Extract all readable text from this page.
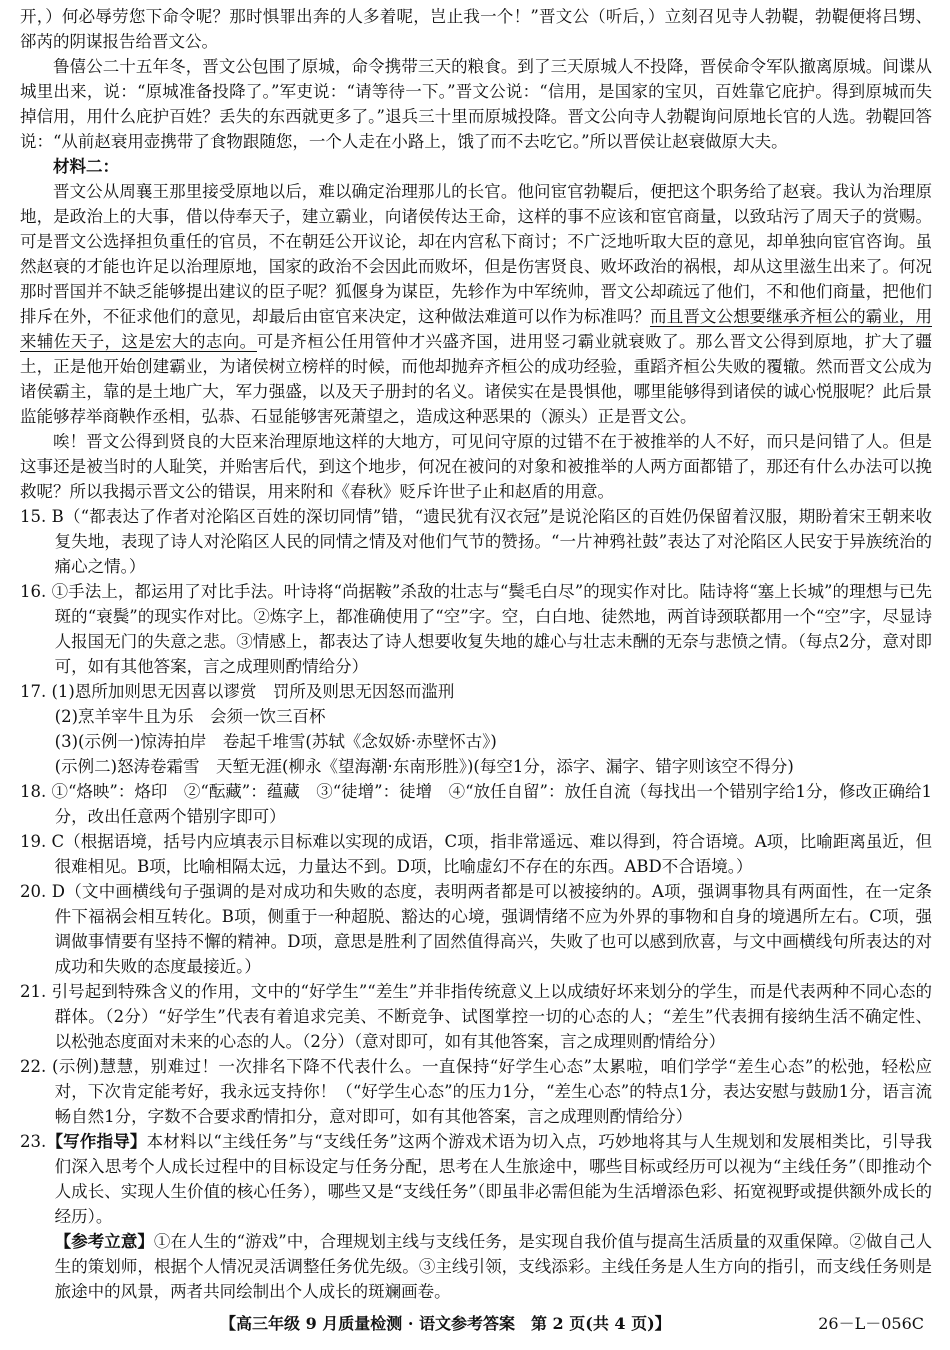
开，）何必辱劳您下命令呢？那时惧罪出奔的人多着呢，岂止我一个！”晋文公（听后，）立刻召见寺人勃鞮，勃鞮便将吕甥、郤芮的阴谋报告给晋文公。

鲁僖公二十五年冬，晋文公包围了原城，命令携带三天的粮食。到了三天原城人不投降，晋侯命令军队撤离原城。间谍从城里出来，说：“原城准备投降了。”军吏说：“请等待一下。”晋文公说：“信用，是国家的宝贝，百姓靠它庇护。得到原城而失掉信用，用什么庇护百姓？丢失的东西就更多了。”退兵三十里而原城投降。晋文公向寺人勃鞮询问原地长官的人选。勃鞮回答说：“从前赵衰用壶携带了食物跟随您，一个人走在小路上，饿了而不去吃它。”所以晋侯让赵衰做原大夫。

材料二：

晋文公从周襄王那里接受原地以后，难以确定治理那儿的长官。他问宦官勃鞮后，便把这个职务给了赵衰。我认为治理原地，是政治上的大事，借以侍奉天子，建立霸业，向诸侯传达王命，这样的事不应该和宦官商量，以致玷污了周天子的赏赐。可是晋文公选择担负重任的官员，不在朝廷公开议论，却在内宫私下商讨；不广泛地听取大臣的意见，却单独向宦官咨询。虽然赵衰的才能也许足以治理原地，国家的政治不会因此而败坏，但是伤害贤良、败坏政治的祸根，却从这里滋生出来了。何况那时晋国并不缺乏能够提出建议的臣子呢？狐偃身为谋臣，先轸作为中军统帅，晋文公却疏远了他们，不和他们商量，把他们排斥在外，不征求他们的意见，却最后由宦官来决定，这种做法难道可以作为标准吗？而且晋文公想要继承齐桓公的霸业，用来辅佐天子，这是宏大的志向。可是齐桓公任用管仲才兴盛齐国，进用竖刁霸业就衰败了。那么晋文公得到原地，扩大了疆土，正是他开始创建霸业，为诸侯树立榜样的时候，而他却抛弃齐桓公的成功经验，重蹈齐桓公失败的覆辙。然而晋文公成为诸侯霸主，靠的是土地广大，军力强盛，以及天子册封的名义。诸侯实在是畏惧他，哪里能够得到诸侯的诚心悦服呢？此后景监能够荐举商鞅作丞相，弘恭、石显能够害死萧望之，造成这种恶果的（源头）正是晋文公。

唉！晋文公得到贤良的大臣来治理原地这样的大地方，可见问守原的过错不在于被推举的人不好，而只是问错了人。但是这事还是被当时的人耻笑，并贻害后代，到这个地步，何况在被问的对象和被推举的人两方面都错了，那还有什么办法可以挽救呢？所以我揭示晋文公的错误，用来附和《春秋》贬斥许世子止和赵盾的用意。

15. B（“都表达了作者对沦陷区百姓的深切同情”错，“遗民犹有汉衣冠”是说沦陷区的百姓仍保留着汉服，期盼着宋王朝来收复失地，表现了诗人对沦陷区人民的同情之情及对他们气节的赞扬。“一片神鸦社鼓”表达了对沦陷区人民安于异族统治的痛心之情。）

16. ①手法上，都运用了对比手法。叶诗将“尚据鞍”杀敌的壮志与“鬓毛白尽”的现实作对比。陆诗将“塞上长城”的理想与已先斑的“衰鬓”的现实作对比。②炼字上，都准确使用了“空”字。空，白白地、徒然地，两首诗颈联都用一个“空”字，尽显诗人报国无门的失意之悲。③情感上，都表达了诗人想要收复失地的雄心与壮志未酬的无奈与悲愤之情。（每点2分，意对即可，如有其他答案，言之成理则酌情给分）

17. (1)恩所加则思无因喜以谬赏　罚所及则思无因怒而滥刑

(2)烹羊宰牛且为乐　会须一饮三百杯

(3)(示例一)惊涛拍岸　卷起千堆雪(苏轼《念奴娇·赤壁怀古》)

(示例二)怒涛卷霜雪　天堑无涯(柳永《望海潮·东南形胜》)(每空1分，添字、漏字、错字则该空不得分)

18. ①“烙映”：烙印　②“酝藏”：蕴藏　③“徒增”：徒增　④“放任自留”：放任自流（每找出一个错别字给1分，修改正确给1分，改出任意两个错别字即可）

19. C（根据语境，括号内应填表示目标难以实现的成语，C项，指非常遥远、难以得到，符合语境。A项，比喻距离虽近，但很难相见。B项，比喻相隔太远，力量达不到。D项，比喻虚幻不存在的东西。ABD不合语境。）

20. D（文中画横线句子强调的是对成功和失败的态度，表明两者都是可以被接纳的。A项，强调事物具有两面性，在一定条件下福祸会相互转化。B项，侧重于一种超脱、豁达的心境，强调情绪不应为外界的事物和自身的境遇所左右。C项，强调做事情要有坚持不懈的精神。D项，意思是胜利了固然值得高兴，失败了也可以感到欣喜，与文中画横线句所表达的对成功和失败的态度最接近。）

21. 引号起到特殊含义的作用，文中的“好学生”“差生”并非指传统意义上以成绩好坏来划分的学生，而是代表两种不同心态的群体。（2分）“好学生”代表有着追求完美、不断竞争、试图掌控一切的心态的人；“差生”代表拥有接纳生活不确定性、以松弛态度面对未来的心态的人。（2分）（意对即可，如有其他答案，言之成理则酌情给分）

22. (示例)慧慧，别难过！一次排名下降不代表什么。一直保持“好学生心态”太累啦，咱们学学“差生心态”的松弛，轻松应对，下次肯定能考好，我永远支持你！（“好学生心态”的压力1分，“差生心态”的特点1分，表达安慰与鼓励1分，语言流畅自然1分，字数不合要求酌情扣分，意对即可，如有其他答案，言之成理则酌情给分）

23.【写作指导】本材料以“主线任务”与“支线任务”这两个游戏术语为切入点，巧妙地将其与人生规划和发展相类比，引导我们深入思考个人成长过程中的目标设定与任务分配，思考在人生旅途中，哪些目标或经历可以视为“主线任务”（即推动个人成长、实现人生价值的核心任务），哪些又是“支线任务”（即虽非必需但能为生活增添色彩、拓宽视野或提供额外成长的经历）。

【参考立意】①在人生的“游戏”中，合理规划主线与支线任务，是实现自我价值与提高生活质量的双重保障。②做自己人生的策划师，根据个人情况灵活调整任务优先级。③主线引领，支线添彩。主线任务是人生方向的指引，而支线任务则是旅途中的风景，两者共同绘制出个人成长的斑斓画卷。

【高三年级 9 月质量检测 · 语文参考答案　第 2 页(共 4 页)】	26－L－056C
